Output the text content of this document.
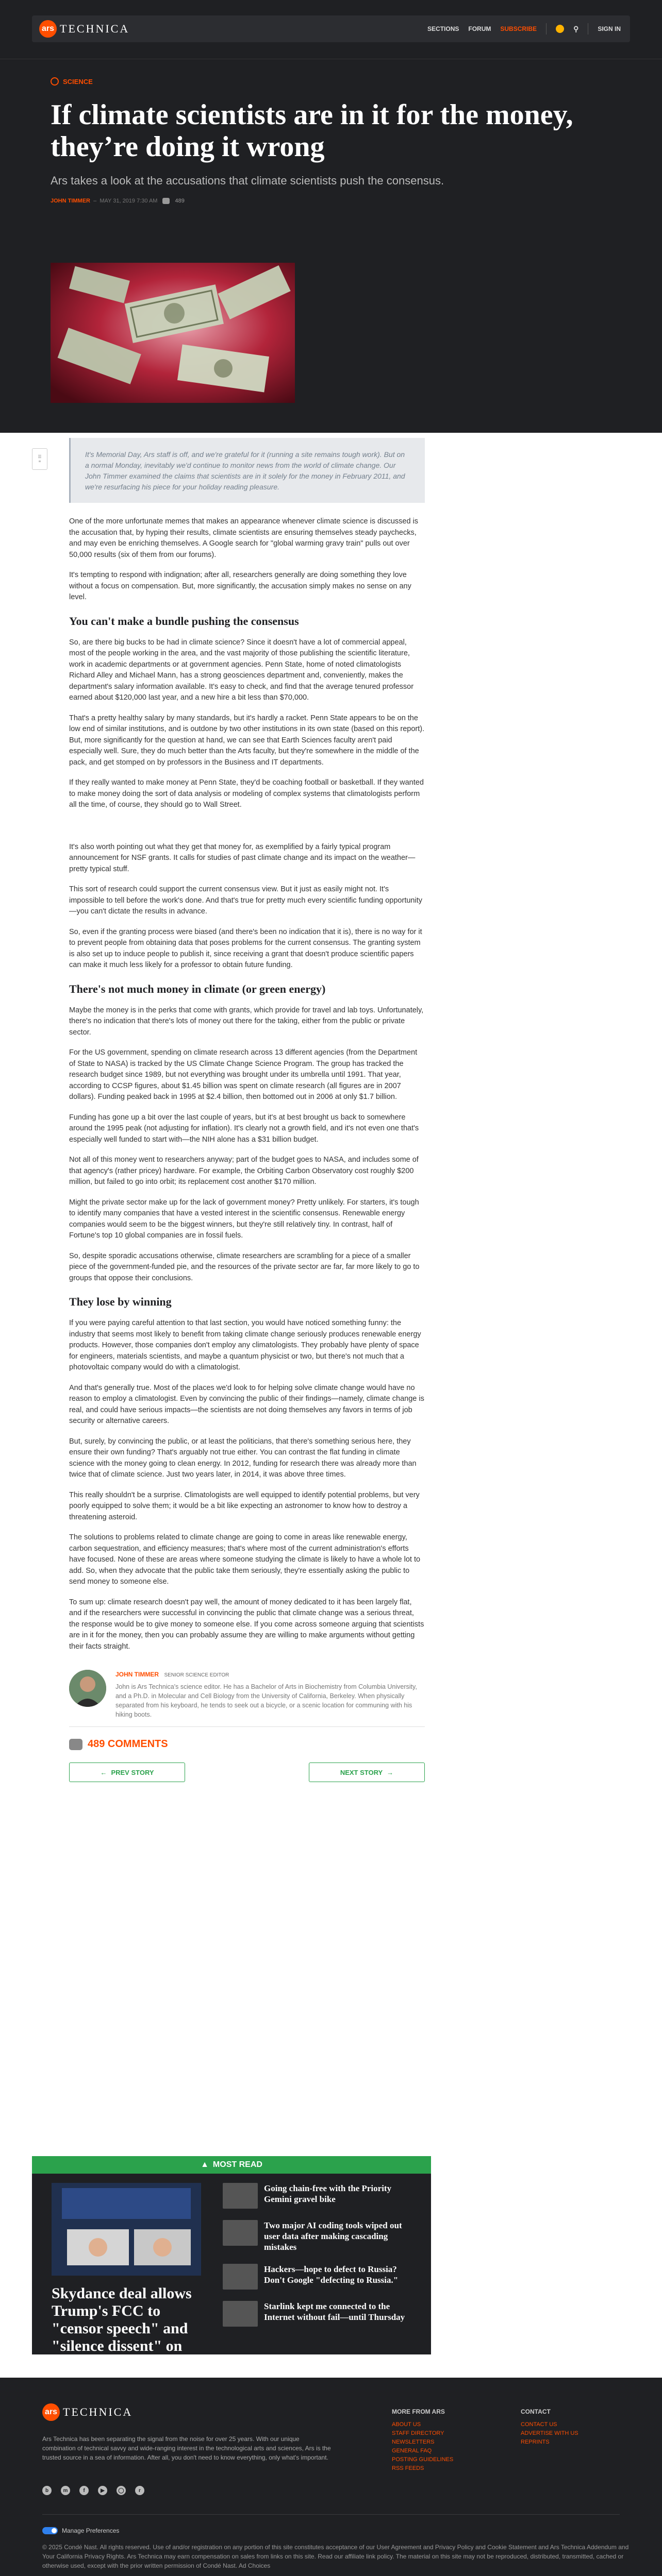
ars TECHNICA	SECTIONS FORUM SUBSCRIBE	⚲	SIGN IN
SCIENCE
If climate scientists are in it for the money, they’re doing it wrong
Ars takes a look at the accusations that climate scientists push the consensus.
JOHN TIMMER  –  MAY 31, 2019 7:30 AM	489
☰
≡
It's Memorial Day, Ars staff is off, and we're grateful for it (running a site remains tough work). But on a normal Monday, inevitably we'd continue to monitor news from the world of climate change. Our John Timmer examined the claims that scientists are in it solely for the money in February 2011, and we're resurfacing his piece for your holiday reading pleasure.

One of the more unfortunate memes that makes an appearance whenever climate science is discussed is the accusation that, by hyping their results, climate scientists are ensuring themselves steady paychecks, and may even be enriching themselves. A Google search for "global warming gravy train" pulls out over 50,000 results (six of them from our forums).

It's tempting to respond with indignation; after all, researchers generally are doing something they love without a focus on compensation. But, more significantly, the accusation simply makes no sense on any level.

You can't make a bundle pushing the consensus

So, are there big bucks to be had in climate science? Since it doesn't have a lot of commercial appeal, most of the people working in the area, and the vast majority of those publishing the scientific literature, work in academic departments or at government agencies. Penn State, home of noted climatologists Richard Alley and Michael Mann, has a strong geosciences department and, conveniently, makes the department's salary information available. It's easy to check, and find that the average tenured professor earned about $120,000 last year, and a new hire a bit less than $70,000.

That's a pretty healthy salary by many standards, but it's hardly a racket. Penn State appears to be on the low end of similar institutions, and is outdone by two other institutions in its own state (based on this report). But, more significantly for the question at hand, we can see that Earth Sciences faculty aren't paid especially well. Sure, they do much better than the Arts faculty, but they're somewhere in the middle of the pack, and get stomped on by professors in the Business and IT departments.

If they really wanted to make money at Penn State, they'd be coaching football or basketball. If they wanted to make money doing the sort of data analysis or modeling of complex systems that climatologists perform all the time, of course, they should go to Wall Street.

It's also worth pointing out what they get that money for, as exemplified by a fairly typical program announcement for NSF grants. It calls for studies of past climate change and its impact on the weather—pretty typical stuff.

This sort of research could support the current consensus view. But it just as easily might not. It's impossible to tell before the work's done. And that's true for pretty much every scientific funding opportunity—you can't dictate the results in advance.

So, even if the granting process were biased (and there's been no indication that it is), there is no way for it to prevent people from obtaining data that poses problems for the current consensus. The granting system is also set up to induce people to publish it, since receiving a grant that doesn't produce scientific papers can make it much less likely for a professor to obtain future funding.

There's not much money in climate (or green energy)

Maybe the money is in the perks that come with grants, which provide for travel and lab toys. Unfortunately, there's no indication that there's lots of money out there for the taking, either from the public or private sector.

For the US government, spending on climate research across 13 different agencies (from the Department of State to NASA) is tracked by the US Climate Change Science Program. The group has tracked the research budget since 1989, but not everything was brought under its umbrella until 1991. That year, according to CCSP figures, about $1.45 billion was spent on climate research (all figures are in 2007 dollars). Funding peaked back in 1995 at $2.4 billion, then bottomed out in 2006 at only $1.7 billion.

Funding has gone up a bit over the last couple of years, but it's at best brought us back to somewhere around the 1995 peak (not adjusting for inflation). It's clearly not a growth field, and it's not even one that's especially well funded to start with—the NIH alone has a $31 billion budget.

Not all of this money went to researchers anyway; part of the budget goes to NASA, and includes some of that agency's (rather pricey) hardware. For example, the Orbiting Carbon Observatory cost roughly $200 million, but failed to go into orbit; its replacement cost another $170 million.

Might the private sector make up for the lack of government money? Pretty unlikely. For starters, it's tough to identify many companies that have a vested interest in the scientific consensus. Renewable energy companies would seem to be the biggest winners, but they're still relatively tiny. In contrast, half of Fortune's top 10 global companies are in fossil fuels.

So, despite sporadic accusations otherwise, climate researchers are scrambling for a piece of a smaller piece of the government-funded pie, and the resources of the private sector are far, far more likely to go to groups that oppose their conclusions.

They lose by winning

If you were paying careful attention to that last section, you would have noticed something funny: the industry that seems most likely to benefit from taking climate change seriously produces renewable energy products. However, those companies don't employ any climatologists. They probably have plenty of space for engineers, materials scientists, and maybe a quantum physicist or two, but there's not much that a photovoltaic company would do with a climatologist.

And that's generally true. Most of the places we'd look to for helping solve climate change would have no reason to employ a climatologist. Even by convincing the public of their findings—namely, climate change is real, and could have serious impacts—the scientists are not doing themselves any favors in terms of job security or alternative careers.

But, surely, by convincing the public, or at least the politicians, that there's something serious here, they ensure their own funding? That's arguably not true either. You can contrast the flat funding in climate science with the money going to clean energy. In 2012, funding for research there was already more than twice that of climate science. Just two years later, in 2014, it was above three times.

This really shouldn't be a surprise. Climatologists are well equipped to identify potential problems, but very poorly equipped to solve them; it would be a bit like expecting an astronomer to know how to destroy a threatening asteroid.

The solutions to problems related to climate change are going to come in areas like renewable energy, carbon sequestration, and efficiency measures; that's where most of the current administration's efforts have focused. None of these are areas where someone studying the climate is likely to have a whole lot to add. So, when they advocate that the public take them seriously, they're essentially asking the public to send money to someone else.

To sum up: climate research doesn't pay well, the amount of money dedicated to it has been largely flat, and if the researchers were successful in convincing the public that climate change was a serious threat, the response would be to give money to someone else. If you come across someone arguing that scientists are in it for the money, then you can probably assume they are willing to make arguments without getting their facts straight.

JOHN TIMMER SENIOR SCIENCE EDITOR
John is Ars Technica's science editor. He has a Bachelor of Arts in Biochemistry from Columbia University, and a Ph.D. in Molecular and Cell Biology from the University of California, Berkeley. When physically separated from his keyboard, he tends to seek out a bicycle, or a scenic location for communing with his hiking boots.
489 COMMENTS
← PREV STORY	NEXT STORY →
▲ MOST READ
Skydance deal allows Trump's FCC to "censor speech" and "silence dissent" on CBS
Going chain-free with the Priority Gemini gravel bike
Two major AI coding tools wiped out user data after making cascading mistakes
Hackers—hope to defect to Russia? Don't Google "defecting to Russia."
Starlink kept me connected to the Internet without fail—until Thursday
ars TECHNICA
Ars Technica has been separating the signal from the noise for over 25 years. With our unique combination of technical savvy and wide-ranging interest in the technological arts and sciences, Ars is the trusted source in a sea of information. After all, you don't need to know everything, only what's important.
MORE FROM ARS
ABOUT US
STAFF DIRECTORY
NEWSLETTERS
GENERAL FAQ
POSTING GUIDELINES
RSS FEEDS
CONTACT
CONTACT US
ADVERTISE WITH US
REPRINTS
b	m	f	▶	◯	r
Manage Preferences
© 2025 Condé Nast. All rights reserved. Use of and/or registration on any portion of this site constitutes acceptance of our User Agreement and Privacy Policy and Cookie Statement and Ars Technica Addendum and Your California Privacy Rights. Ars Technica may earn compensation on sales from links on this site. Read our affiliate link policy. The material on this site may not be reproduced, distributed, transmitted, cached or otherwise used, except with the prior written permission of Condé Nast. Ad Choices
